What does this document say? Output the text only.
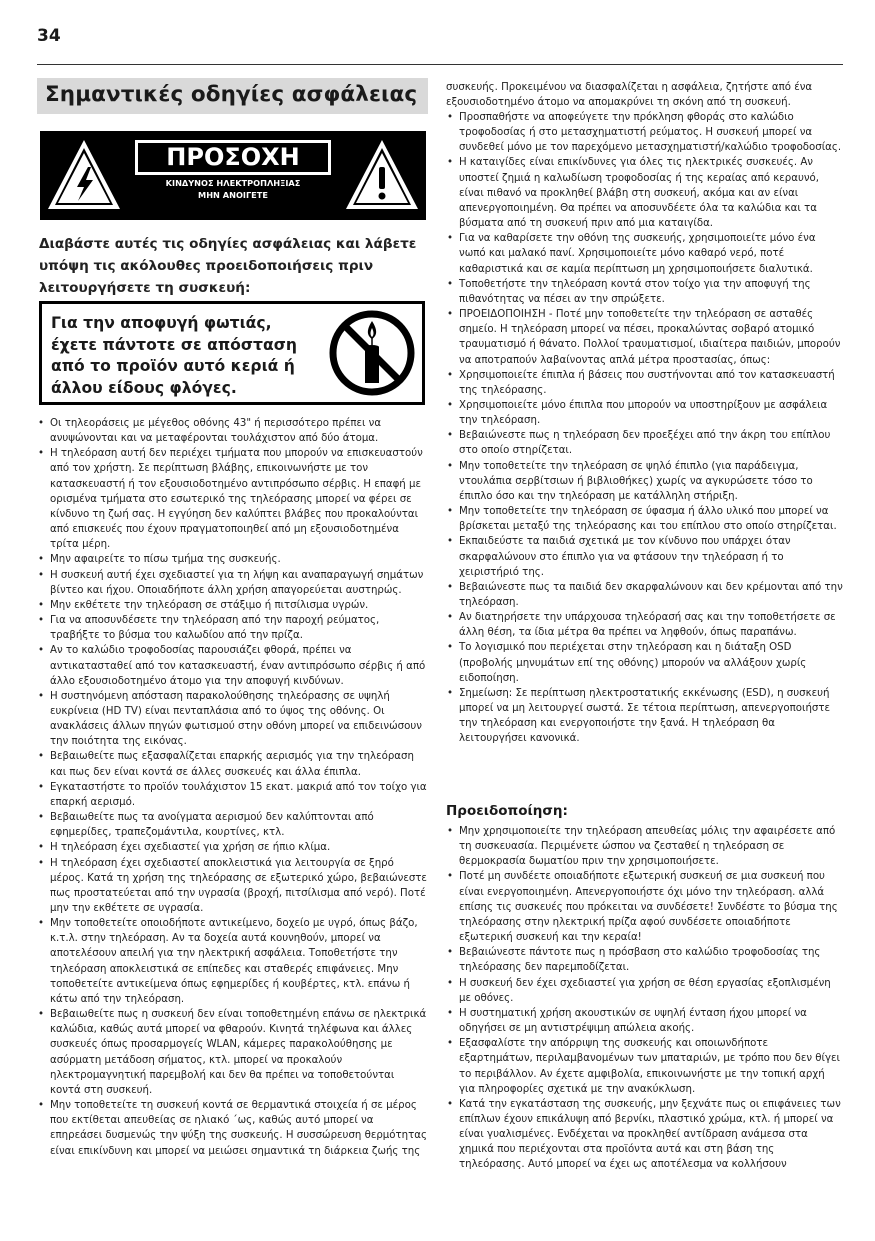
34
Σημαντικές οδηγίες ασφάλειας
ΠΡΟΣΟΧΗ
ΚΙΝΔΥΝΟΣ ΗΛΕΚΤΡΟΠΛΗΞΙΑΣ
ΜΗΝ ΑΝΟΙΓΕΤΕ
Διαβάστε αυτές τις οδηγίες ασφάλειας και λάβετε υπόψη τις ακόλουθες προειδοποιήσεις πριν λειτουργήσετε τη συσκευή:
Για την αποφυγή φωτιάς, έχετε πάντοτε σε απόσταση από το προϊόν αυτό κεριά ή άλλου είδους φλόγες.
• Οι τηλεοράσεις με μέγεθος οθόνης 43" ή περισσότερο πρέπει να ανυψώνονται και να μεταφέρονται τουλάχιστον από δύο άτομα.
• Η τηλεόραση αυτή δεν περιέχει τμήματα που μπορούν να επισκευαστούν από τον χρήστη. Σε περίπτωση βλάβης, επικοινωνήστε με τον κατασκευαστή ή τον εξουσιοδοτημένο αντιπρόσωπο σέρβις. Η επαφή με ορισμένα τμήματα στο εσωτερικό της τηλεόρασης μπορεί να φέρει σε κίνδυνο τη ζωή σας. Η εγγύηση δεν καλύπτει βλάβες που προκαλούνται από επισκευές που έχουν πραγματοποιηθεί από μη εξουσιοδοτημένα τρίτα μέρη.
• Μην αφαιρείτε το πίσω τμήμα της συσκευής.
• Η συσκευή αυτή έχει σχεδιαστεί για τη λήψη και αναπαραγωγή σημάτων βίντεο και ήχου. Οποιαδήποτε άλλη χρήση απαγορεύεται αυστηρώς.
• Μην εκθέτετε την τηλεόραση σε στάξιμο ή πιτσίλισμα υγρών.
• Για να αποσυνδέσετε την τηλεόραση από την παροχή ρεύματος, τραβήξτε το βύσμα του καλωδίου από την πρίζα.
• Αν το καλώδιο τροφοδοσίας παρουσιάζει φθορά, πρέπει να αντικατασταθεί από τον κατασκευαστή, έναν αντιπρόσωπο σέρβις ή από άλλο εξουσιοδοτημένο άτομο για την αποφυγή κινδύνων.
• Η συστηνόμενη απόσταση παρακολούθησης τηλεόρασης σε υψηλή ευκρίνεια (HD TV) είναι πενταπλάσια από το ύψος της οθόνης. Οι ανακλάσεις άλλων πηγών φωτισμού στην οθόνη μπορεί να επιδεινώσουν την ποιότητα της εικόνας.
• Βεβαιωθείτε πως εξασφαλίζεται επαρκής αερισμός για την τηλεόραση και πως δεν είναι κοντά σε άλλες συσκευές και άλλα έπιπλα.
• Εγκαταστήστε το προϊόν τουλάχιστον 15 εκατ. μακριά από τον τοίχο για επαρκή αερισμό.
• Βεβαιωθείτε πως τα ανοίγματα αερισμού δεν καλύπτονται από εφημερίδες, τραπεζομάντιλα, κουρτίνες, κτλ.
• Η τηλεόραση έχει σχεδιαστεί για χρήση σε ήπιο κλίμα.
• Η τηλεόραση έχει σχεδιαστεί αποκλειστικά για λειτουργία σε ξηρό μέρος. Κατά τη χρήση της τηλεόρασης σε εξωτερικό χώρο, βεβαιώνεστε πως προστατεύεται από την υγρασία (βροχή, πιτσίλισμα από νερό). Ποτέ μην την εκθέτετε σε υγρασία.
• Μην τοποθετείτε οποιοδήποτε αντικείμενο, δοχείο με υγρό, όπως βάζο, κ.τ.λ. στην τηλεόραση. Αν τα δοχεία αυτά κουνηθούν, μπορεί να αποτελέσουν απειλή για την ηλεκτρική ασφάλεια. Τοποθετήστε την τηλεόραση αποκλειστικά σε επίπεδες και σταθερές επιφάνειες. Μην τοποθετείτε αντικείμενα όπως εφημερίδες ή κουβέρτες, κτλ. επάνω ή κάτω από την τηλεόραση.
• Βεβαιωθείτε πως η συσκευή δεν είναι τοποθετημένη επάνω σε ηλεκτρικά καλώδια, καθώς αυτά μπορεί να φθαρούν. Κινητά τηλέφωνα και άλλες συσκευές όπως προσαρμογείς WLAN, κάμερες παρακολούθησης με ασύρματη μετάδοση σήματος, κτλ. μπορεί να προκαλούν ηλεκτρομαγνητική παρεμβολή και δεν θα πρέπει να τοποθετούνται κοντά στη συσκευή.
• Μην τοποθετείτε τη συσκευή κοντά σε θερμαντικά στοιχεία ή σε μέρος που εκτίθεται απευθείας σε ηλιακό ΄ως, καθώς αυτό μπορεί να επηρεάσει δυσμενώς την ψύξη της συσκευής. Η συσσώρευση θερμότητας είναι επικίνδυνη και μπορεί να μειώσει σημαντικά τη διάρκεια ζωής της
συσκευής. Προκειμένου να διασφαλίζεται η ασφάλεια, ζητήστε από ένα εξουσιοδοτημένο άτομο να απομακρύνει τη σκόνη από τη συσκευή.
• Προσπαθήστε να αποφεύγετε την πρόκληση φθοράς στο καλώδιο τροφοδοσίας ή στο μετασχηματιστή ρεύματος. Η συσκευή μπορεί να συνδεθεί μόνο με τον παρεχόμενο μετασχηματιστή/καλώδιο τροφοδοσίας.
• Η καταιγίδες είναι επικίνδυνες για όλες τις ηλεκτρικές συσκευές. Αν υποστεί ζημιά η καλωδίωση τροφοδοσίας ή της κεραίας από κεραυνό, είναι πιθανό να προκληθεί βλάβη στη συσκευή, ακόμα και αν είναι απενεργοποιημένη. Θα πρέπει να αποσυνδέετε όλα τα καλώδια και τα βύσματα από τη συσκευή πριν από μια καταιγίδα.
• Για να καθαρίσετε την οθόνη της συσκευής, χρησιμοποιείτε μόνο ένα νωπό και μαλακό πανί. Χρησιμοποιείτε μόνο καθαρό νερό, ποτέ καθαριστικά και σε καμία περίπτωση μη χρησιμοποιήσετε διαλυτικά.
• Τοποθετήστε την τηλεόραση κοντά στον τοίχο για την αποφυγή της πιθανότητας να πέσει αν την σπρώξετε.
• ΠΡΟΕΙΔΟΠΟΙΗΣΗ - Ποτέ μην τοποθετείτε την τηλεόραση σε ασταθές σημείο. Η τηλεόραση μπορεί να πέσει, προκαλώντας σοβαρό ατομικό τραυματισμό ή θάνατο. Πολλοί τραυματισμοί, ιδιαίτερα παιδιών, μπορούν να αποτραπούν λαβαίνοντας απλά μέτρα προστασίας, όπως:
• Χρησιμοποιείτε έπιπλα ή βάσεις που συστήνονται από τον κατασκευαστή της τηλεόρασης.
• Χρησιμοποιείτε μόνο έπιπλα που μπορούν να υποστηρίξουν με ασφάλεια την τηλεόραση.
• Βεβαιώνεστε πως η τηλεόραση δεν προεξέχει από την άκρη του επίπλου στο οποίο στηρίζεται.
• Μην τοποθετείτε την τηλεόραση σε ψηλό έπιπλο (για παράδειγμα, ντουλάπια σερβίτσιων ή βιβλιοθήκες) χωρίς να αγκυρώσετε τόσο το έπιπλο όσο και την τηλεόραση με κατάλληλη στήριξη.
• Μην τοποθετείτε την τηλεόραση σε ύφασμα ή άλλο υλικό που μπορεί να βρίσκεται μεταξύ της τηλεόρασης και του επίπλου στο οποίο στηρίζεται.
• Εκπαιδεύστε τα παιδιά σχετικά με τον κίνδυνο που υπάρχει όταν σκαρφαλώνουν στο έπιπλο για να φτάσουν την τηλεόραση ή το χειριστήριό της.
• Βεβαιώνεστε πως τα παιδιά δεν σκαρφαλώνουν και δεν κρέμονται από την τηλεόραση.
• Αν διατηρήσετε την υπάρχουσα τηλεόρασή σας και την τοποθετήσετε σε άλλη θέση, τα ίδια μέτρα θα πρέπει να ληφθούν, όπως παραπάνω.
• Το λογισμικό που περιέχεται στην τηλεόραση και η διάταξη OSD (προβολής μηνυμάτων επί της οθόνης) μπορούν να αλλάξουν χωρίς ειδοποίηση.
• Σημείωση: Σε περίπτωση ηλεκτροστατικής εκκένωσης (ESD), η συσκευή μπορεί να μη λειτουργεί σωστά. Σε τέτοια περίπτωση, απενεργοποιήστε την τηλεόραση και ενεργοποιήστε την ξανά. Η τηλεόραση θα λειτουργήσει κανονικά.
Προειδοποίηση:
• Μην χρησιμοποιείτε την τηλεόραση απευθείας μόλις την αφαιρέσετε από τη συσκευασία. Περιμένετε ώσπου να ζεσταθεί η τηλεόραση σε θερμοκρασία δωματίου πριν την χρησιμοποιήσετε.
• Ποτέ μη συνδέετε οποιαδήποτε εξωτερική συσκευή σε μια συσκευή που είναι ενεργοποιημένη. Απενεργοποιήστε όχι μόνο την τηλεόραση. αλλά επίσης τις συσκευές που πρόκειται να συνδέσετε! Συνδέστε το βύσμα της τηλεόρασης στην ηλεκτρική πρίζα αφού συνδέσετε οποιαδήποτε εξωτερική συσκευή και την κεραία!
• Βεβαιώνεστε πάντοτε πως η πρόσβαση στο καλώδιο τροφοδοσίας της τηλεόρασης δεν παρεμποδίζεται.
• Η συσκευή δεν έχει σχεδιαστεί για χρήση σε θέση εργασίας εξοπλισμένη με οθόνες.
• Η συστηματική χρήση ακουστικών σε υψηλή ένταση ήχου μπορεί να οδηγήσει σε μη αντιστρέψιμη απώλεια ακοής.
• Εξασφαλίστε την απόρριψη της συσκευής και οποιωνδήποτε εξαρτημάτων, περιλαμβανομένων των μπαταριών, με τρόπο που δεν θίγει το περιβάλλον. Αν έχετε αμφιβολία, επικοινωνήστε με την τοπική αρχή για πληροφορίες σχετικά με την ανακύκλωση.
• Κατά την εγκατάσταση της συσκευής, μην ξεχνάτε πως οι επιφάνειες των επίπλων έχουν επικάλυψη από βερνίκι, πλαστικό χρώμα, κτλ. ή μπορεί να είναι γυαλισμένες. Ενδέχεται να προκληθεί αντίδραση ανάμεσα στα χημικά που περιέχονται στα προϊόντα αυτά και στη βάση της τηλεόρασης. Αυτό μπορεί να έχει ως αποτέλεσμα να κολλήσουν
